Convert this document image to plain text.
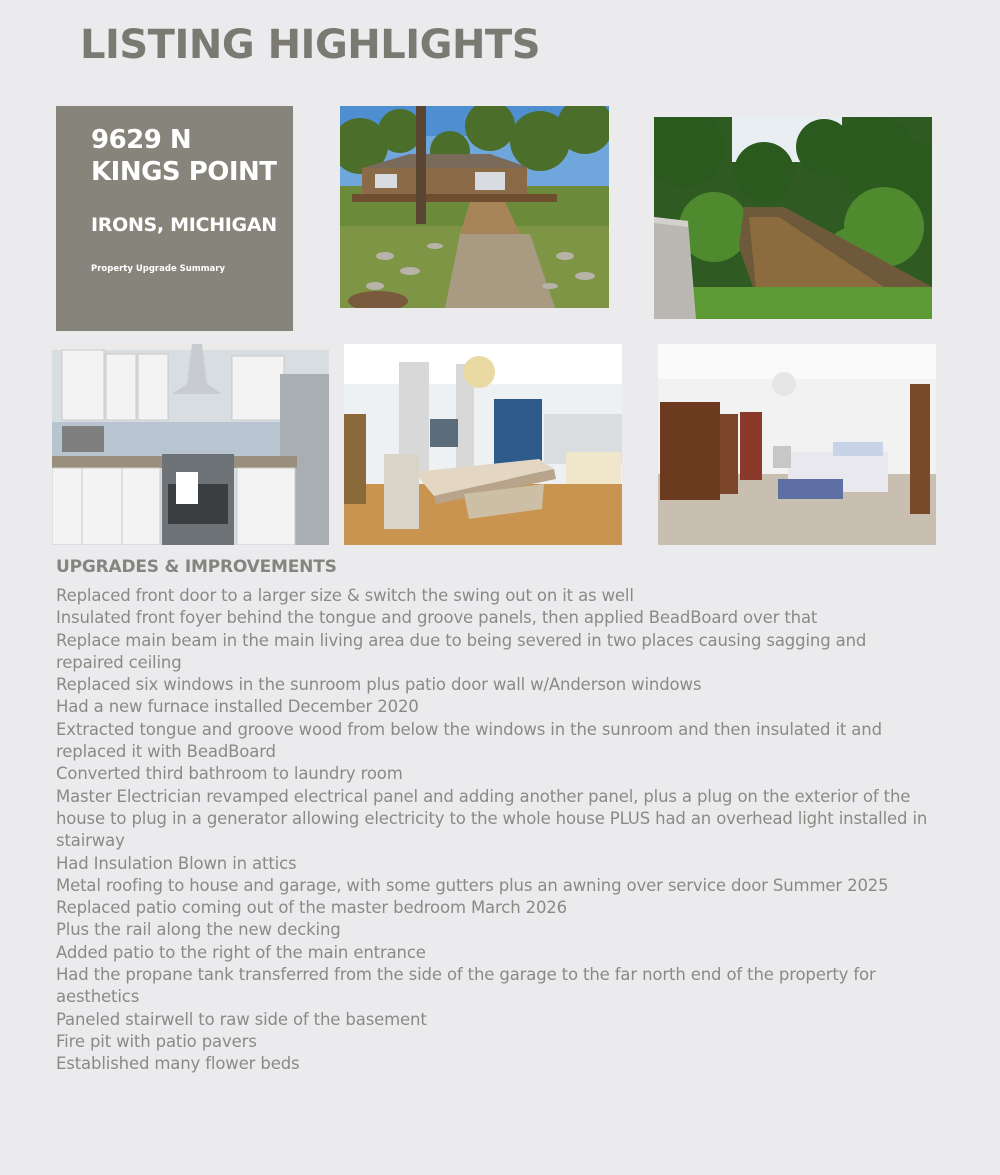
LISTING HIGHLIGHTS
9629 N
KINGS POINT
IRONS, MICHIGAN
Property Upgrade Summary
UPGRADES & IMPROVEMENTS
Replaced front door to a larger size & switch the swing out on it as well
Insulated front foyer behind the tongue and groove panels, then applied BeadBoard over that
Replace main beam in the main living area due to being severed in two places causing sagging and repaired ceiling
Replaced six windows in the sunroom plus patio door wall w/Anderson windows
Had a new furnace installed December 2020
Extracted tongue and groove wood from below the windows in the sunroom and then insulated it and replaced it with BeadBoard
Converted third bathroom to laundry room
Master Electrician revamped electrical panel and adding another panel, plus a plug on the exterior of the house to plug in a generator allowing electricity to the whole house PLUS had an overhead light installed in stairway
Had Insulation Blown in attics
Metal roofing to house and garage, with some gutters plus an awning over service door Summer 2025
Replaced patio coming out of the master bedroom March 2026
Plus the rail along the new decking
Added patio to the right of the main entrance
Had the propane tank transferred from the side of the garage to the far north end of the property for aesthetics
Paneled stairwell to raw side of the basement
Fire pit with patio pavers
Established many flower beds
